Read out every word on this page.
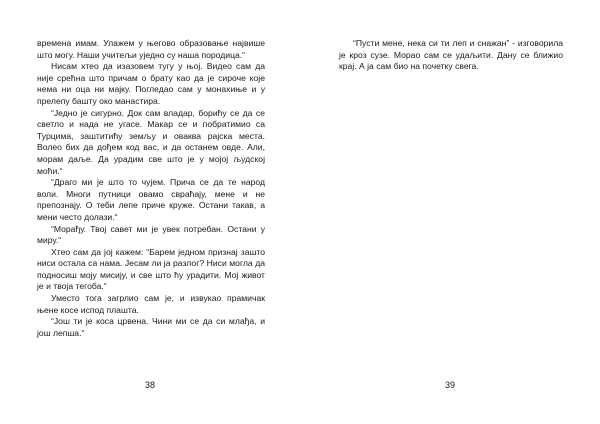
времена имам. Улажем у његово образовање највише што могу. Наши учитељи уједно су наша породица.“

Нисам хтео да изазовем тугу у њој. Видео сам да није срећна што причам о брату као да је сироче које нема ни оца ни мајку. Погледао сам у монахиње и у прелепу башту око манастира.

“Једно је сигурно. Док сам владар, борићу се да се светло и нада не угасе. Макар се и побратимио са Турцима, заштитићу земљу и оваква рајска места. Волео бих да дођем код вас, и да останем овде. Али, морам даље. Да урадим све што је у мојој људској моћи.“

“Драго ми је што то чујем. Прича се да те народ воли. Многи путници овамо свраћају, мене и не препознају. О теби лепе приче круже. Остани такав, а мени често долази.“

“Морађу. Твој савет ми је увек потребан. Остани у миру.“

Хтео сам да јој кажем: “Барем једном признај зашто ниси остала са нама. Јесам ли ја разлог? Ниси могла да подносиш моју мисију, и све што ћу урадити. Мој живот је и твоја тегоба.“

Уместо тога загрлио сам је, и извукао прамичак њене косе испод плашта.

“Још ти је коса црвена. Чини ми се да си млађа, и још лепша.“

38

“Пусти мене, нека си ти леп и снажан” - изговорила је кроз сузе. Морао сам се удаљити. Дану се ближио крај. А ја сам био на почетку свега.

39
